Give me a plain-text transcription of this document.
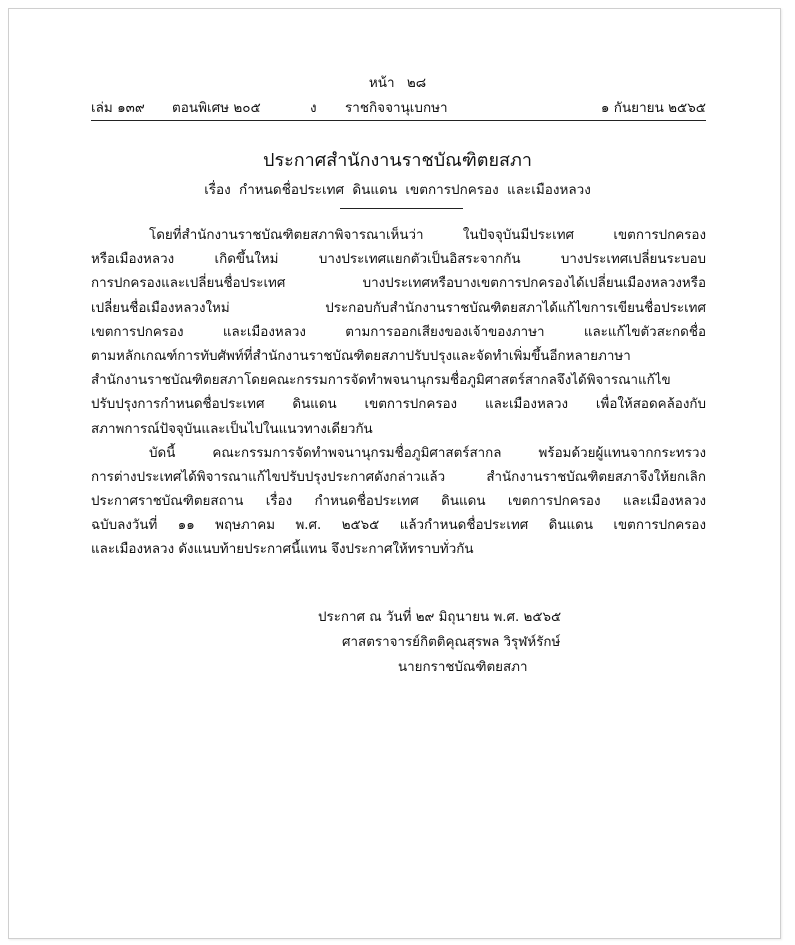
หน้า ๒๘
เล่ม ๑๓๙ ตอนพิเศษ ๒๐๕	ง ราชกิจจานุเบกษา	๑ กันยายน ๒๕๖๕
ประกาศสำนักงานราชบัณฑิตยสภา
เรื่อง กำหนดชื่อประเทศ ดินแดน เขตการปกครอง และเมืองหลวง
โดยที่สำนักงานราชบัณฑิตยสภาพิจารณาเห็นว่า ในปัจจุบันมีประเทศ เขตการปกครอง
หรือเมืองหลวง เกิดขึ้นใหม่ บางประเทศแยกตัวเป็นอิสระจากกัน บางประเทศเปลี่ยนระบอบ
การปกครองและเปลี่ยนชื่อประเทศ บางประเทศหรือบางเขตการปกครองได้เปลี่ยนเมืองหลวงหรือ
เปลี่ยนชื่อเมืองหลวงใหม่ ประกอบกับสำนักงานราชบัณฑิตยสภาได้แก้ไขการเขียนชื่อประเทศ
เขตการปกครอง และเมืองหลวง ตามการออกเสียงของเจ้าของภาษา และแก้ไขตัวสะกดชื่อ
ตามหลักเกณฑ์การทับศัพท์ที่สำนักงานราชบัณฑิตยสภาปรับปรุงและจัดทำเพิ่มขึ้นอีกหลายภาษา
สำนักงานราชบัณฑิตยสภาโดยคณะกรรมการจัดทำพจนานุกรมชื่อภูมิศาสตร์สากลจึงได้พิจารณาแก้ไข
ปรับปรุงการกำหนดชื่อประเทศ ดินแดน เขตการปกครอง และเมืองหลวง เพื่อให้สอดคล้องกับ
สภาพการณ์ปัจจุบันและเป็นไปในแนวทางเดียวกัน
บัดนี้ คณะกรรมการจัดทำพจนานุกรมชื่อภูมิศาสตร์สากล พร้อมด้วยผู้แทนจากกระทรวง
การต่างประเทศได้พิจารณาแก้ไขปรับปรุงประกาศดังกล่าวแล้ว สำนักงานราชบัณฑิตยสภาจึงให้ยกเลิก
ประกาศราชบัณฑิตยสถาน เรื่อง กำหนดชื่อประเทศ ดินแดน เขตการปกครอง และเมืองหลวง
ฉบับลงวันที่ ๑๑ พฤษภาคม พ.ศ. ๒๕๖๕ แล้วกำหนดชื่อประเทศ ดินแดน เขตการปกครอง
และเมืองหลวง ดังแนบท้ายประกาศนี้แทน จึงประกาศให้ทราบทั่วกัน
ประกาศ ณ วันที่ ๒๙ มิถุนายน พ.ศ. ๒๕๖๕
ศาสตราจารย์กิตติคุณสุรพล วิรุฬห์รักษ์
นายกราชบัณฑิตยสภา
